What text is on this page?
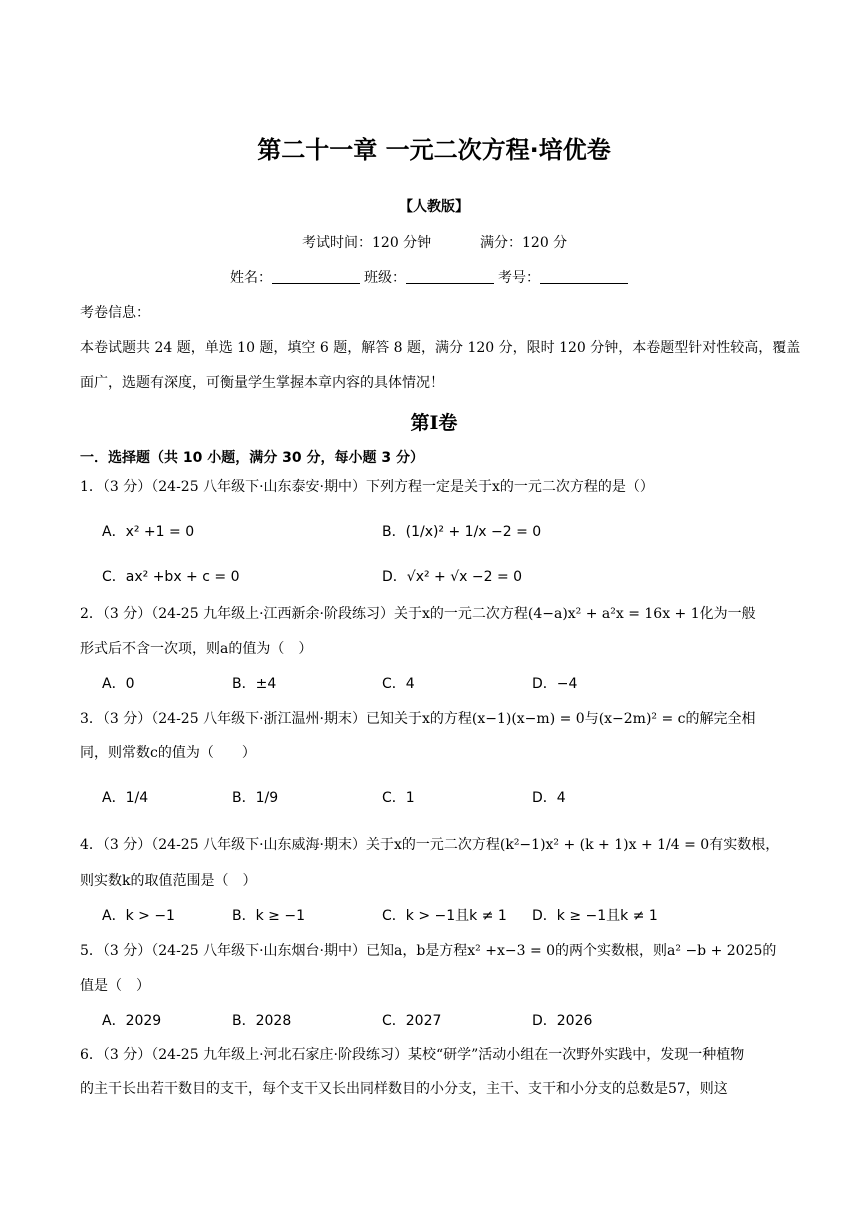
第二十一章 一元二次方程·培优卷
【人教版】
考试时间：120 分钟	满分：120 分
姓名：	班级：	考号：
考卷信息：
本卷试题共 24 题，单选 10 题，填空 6 题，解答 8 题，满分 120 分，限时 120 分钟，本卷题型针对性较高，覆盖
面广，选题有深度，可衡量学生掌握本章内容的具体情况！
第Ⅰ卷
一．选择题（共 10 小题，满分 30 分，每小题 3 分）
1．（3 分）（24-25 八年级下·山东泰安·期中）下列方程一定是关于x的一元二次方程的是（）
A．x² +1 = 0	B．(1/x)² + 1/x −2 = 0
C．ax² +bx + c = 0	D．√x² + √x −2 = 0
2．（3 分）（24-25 九年级上·江西新余·阶段练习）关于x的一元二次方程(4−a)x² + a²x = 16x + 1化为一般
形式后不含一次项，则a的值为（　）
A．0	B．±4	C．4	D．−4
3．（3 分）（24-25 八年级下·浙江温州·期末）已知关于x的方程(x−1)(x−m) = 0与(x−2m)² = c的解完全相
同，则常数c的值为（　　）
A．1/4	B．1/9	C．1	D．4
4．（3 分）（24-25 八年级下·山东威海·期末）关于x的一元二次方程(k²−1)x² + (k + 1)x + 1/4 = 0有实数根，
则实数k的取值范围是（　）
A．k > −1	B．k ≥ −1	C．k > −1且k ≠ 1 D．k ≥ −1且k ≠ 1
5．（3 分）（24-25 八年级下·山东烟台·期中）已知a，b是方程x² +x−3 = 0的两个实数根，则a² −b + 2025的
值是（　）
A．2029	B．2028	C．2027	D．2026
6．（3 分）（24-25 九年级上·河北石家庄·阶段练习）某校“研学”活动小组在一次野外实践中，发现一种植物
的主干长出若干数目的支干，每个支干又长出同样数目的小分支，主干、支干和小分支的总数是57，则这
